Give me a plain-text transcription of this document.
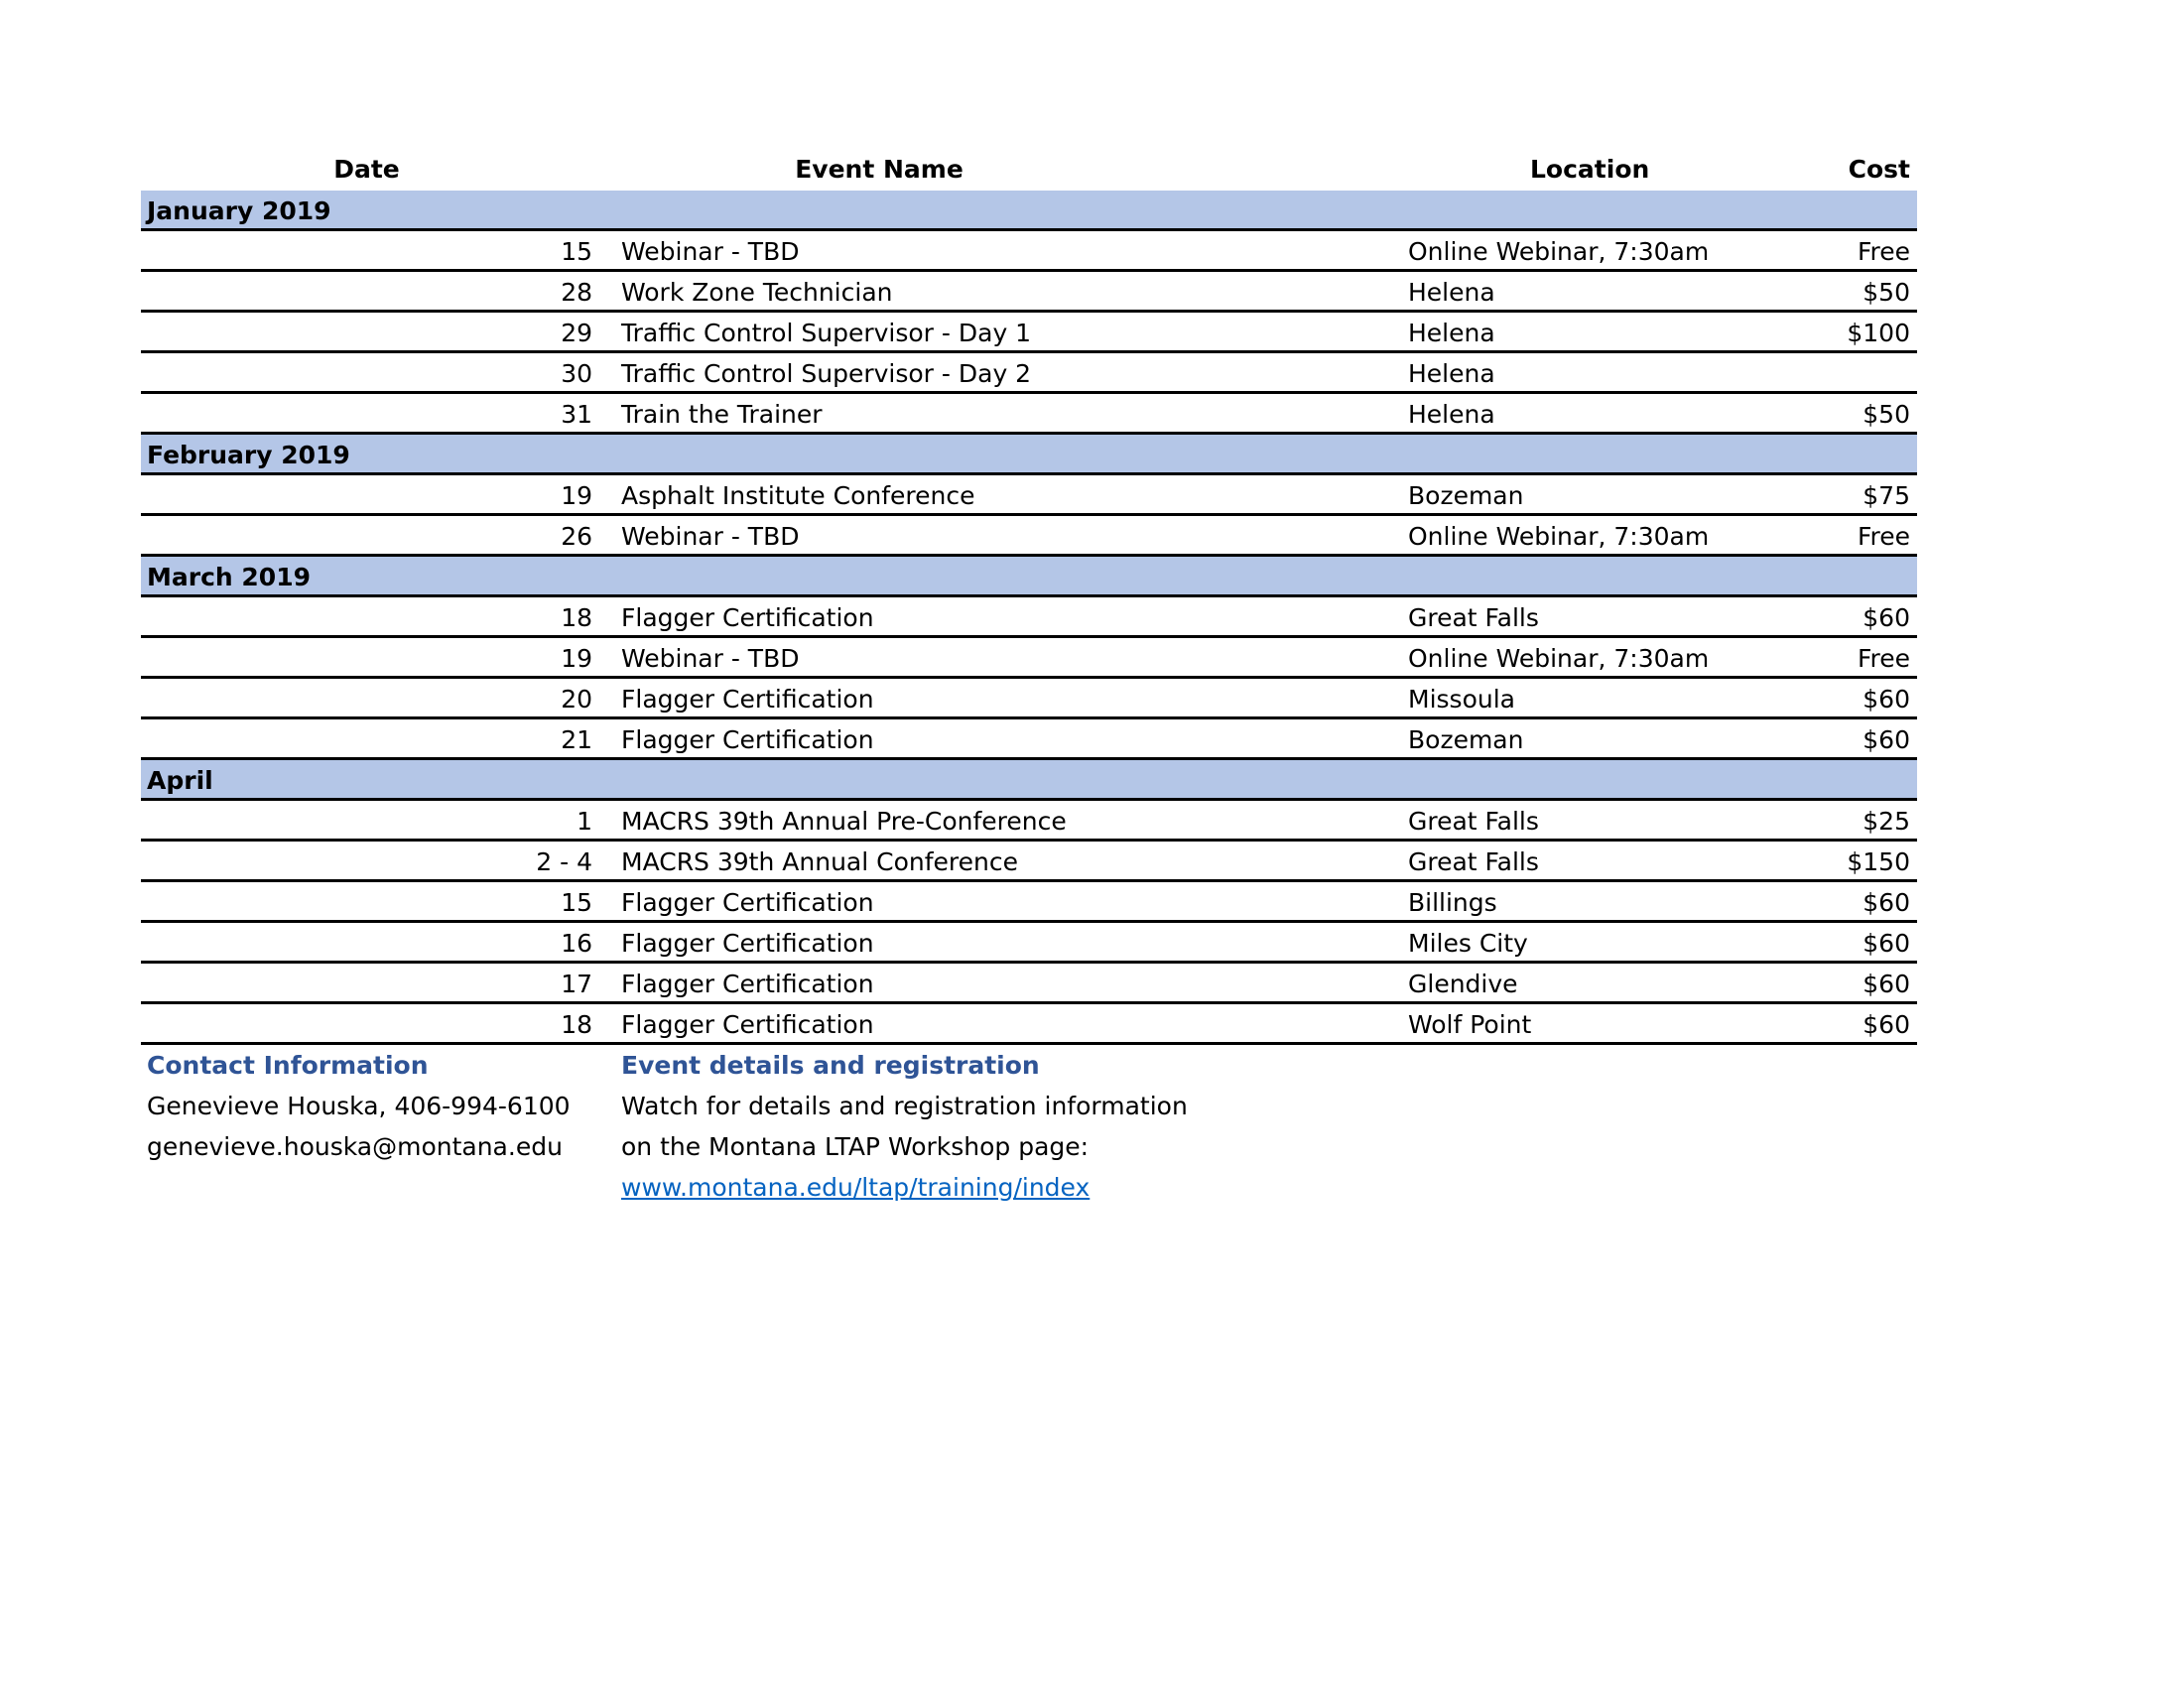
Date	Event Name	Location	Cost
January 2019
15 Webinar - TBD	Online Webinar, 7:30am	Free
28 Work Zone Technician	Helena	$50
29 Traffic Control Supervisor - Day 1	Helena	$100
30 Traffic Control Supervisor - Day 2	Helena
31 Train the Trainer	Helena	$50
February 2019
19 Asphalt Institute Conference	Bozeman	$75
26 Webinar - TBD	Online Webinar, 7:30am	Free
March 2019
18 Flagger Certification	Great Falls	$60
19 Webinar - TBD	Online Webinar, 7:30am	Free
20 Flagger Certification	Missoula	$60
21 Flagger Certification	Bozeman	$60
April
1 MACRS 39th Annual Pre-Conference	Great Falls	$25
2 - 4 MACRS 39th Annual Conference	Great Falls	$150
15 Flagger Certification	Billings	$60
16 Flagger Certification	Miles City	$60
17 Flagger Certification	Glendive	$60
18 Flagger Certification	Wolf Point	$60
Contact Information
Genevieve Houska, 406-994-6100
genevieve.houska@montana.edu
Event details and registration
Watch for details and registration information
on the Montana LTAP Workshop page:
www.montana.edu/ltap/training/index
